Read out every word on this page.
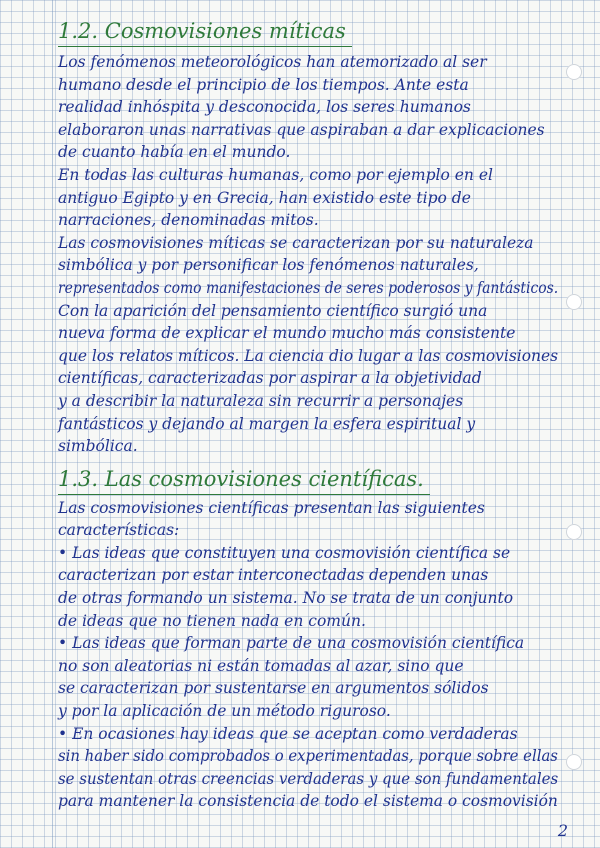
1.2. Cosmovisiones míticas
Los fenómenos meteorológicos han atemorizado al ser
humano desde el principio de los tiempos. Ante esta
realidad inhóspita y desconocida, los seres humanos
elaboraron unas narrativas que aspiraban a dar explicaciones
de cuanto había en el mundo.
En todas las culturas humanas, como por ejemplo en el
antiguo Egipto y en Grecia, han existido este tipo de
narraciones, denominadas mitos.
Las cosmovisiones míticas se caracterizan por su naturaleza
simbólica y por personificar los fenómenos naturales,
representados como manifestaciones de seres poderosos y fantásticos.
Con la aparición del pensamiento científico surgió una
nueva forma de explicar el mundo mucho más consistente
que los relatos míticos. La ciencia dio lugar a las cosmovisiones
científicas, caracterizadas por aspirar a la objetividad
y a describir la naturaleza sin recurrir a personajes
fantásticos y dejando al margen la esfera espiritual y
simbólica.
1.3. Las cosmovisiones científicas.
Las cosmovisiones científicas presentan las siguientes
características:
• Las ideas que constituyen una cosmovisión científica se
caracterizan por estar interconectadas dependen unas
de otras formando un sistema. No se trata de un conjunto
de ideas que no tienen nada en común.
• Las ideas que forman parte de una cosmovisión científica
no son aleatorias ni están tomadas al azar, sino que
se caracterizan por sustentarse en argumentos sólidos
y por la aplicación de un método riguroso.
• En ocasiones hay ideas que se aceptan como verdaderas
sin haber sido comprobados o experimentadas, porque sobre ellas
se sustentan otras creencias verdaderas y que son fundamentales
para mantener la consistencia de todo el sistema o cosmovisión
2
